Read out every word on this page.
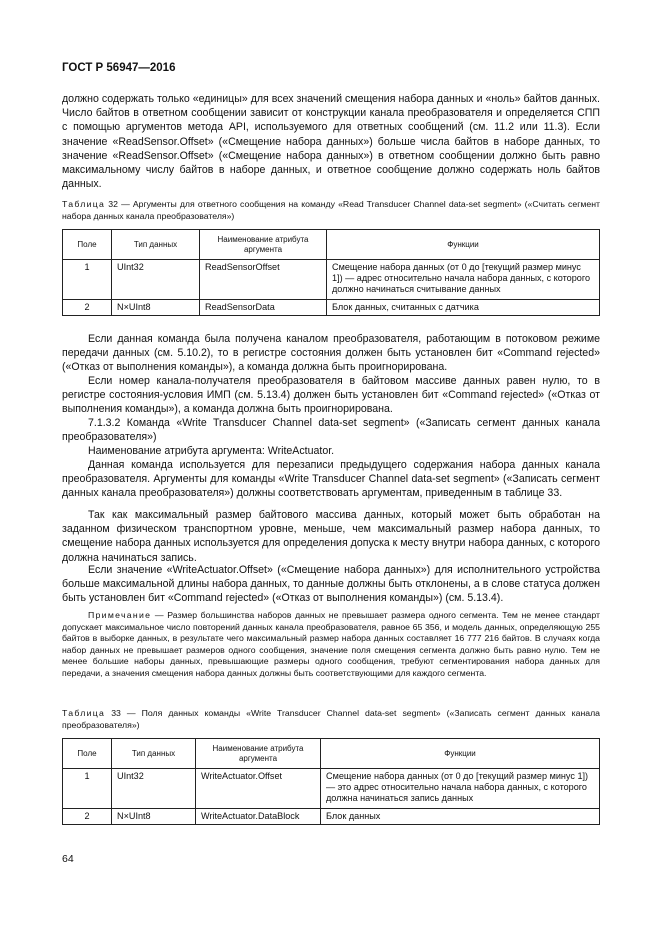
ГОСТ Р 56947—2016

должно содержать только «единицы» для всех значений смещения набора данных и «ноль» байтов данных. Число байтов в ответном сообщении зависит от конструкции канала преобразователя и определяется СПП с помощью аргументов метода API, используемого для ответных сообщений (см. 11.2 или 11.3). Если значение «ReadSensor.Offset» («Смещение набора данных») больше числа байтов в наборе данных, то значение «ReadSensor.Offset» («Смещение набора данных») в ответном сообщении должно быть равно максимальному числу байтов в наборе данных, и ответное сообщение должно содержать ноль байтов данных.

Таблица 32 — Аргументы для ответного сообщения на команду «Read Transducer Channel data-set segment» («Считать сегмент набора данных канала преобразователя»)

Поле	Тип данных	Наименование атрибута аргумента	Функции
1	UInt32	ReadSensorOffset	Смещение набора данных (от 0 до [текущий размер минус 1]) — адрес относительно начала набора данных, с которого должно начинаться считывание данных
2	N×UInt8	ReadSensorData	Блок данных, считанных с датчика

Если данная команда была получена каналом преобразователя, работающим в потоковом режиме передачи данных (см. 5.10.2), то в регистре состояния должен быть установлен бит «Command rejected» («Отказ от выполнения команды»), а команда должна быть проигнорирована.

Если номер канала-получателя преобразователя в байтовом массиве данных равен нулю, то в регистре состояния-условия ИМП (см. 5.13.4) должен быть установлен бит «Command rejected» («Отказ от выполнения команды»), а команда должна быть проигнорирована.

7.1.3.2 Команда «Write Transducer Channel data-set segment» («Записать сегмент данных канала преобразователя»)

Наименование атрибута аргумента: WriteActuator.

Данная команда используется для перезаписи предыдущего содержания набора данных канала преобразователя. Аргументы для команды «Write Transducer Channel data-set segment» («Записать сегмент данных канала преобразователя») должны соответствовать аргументам, приведенным в таблице 33.

Так как максимальный размер байтового массива данных, который может быть обработан на заданном физическом транспортном уровне, меньше, чем максимальный размер набора данных, то смещение набора данных используется для определения допуска к месту внутри набора данных, с которого должна начинаться запись.

Если значение «WriteActuator.Offset» («Смещение набора данных») для исполнительного устройства больше максимальной длины набора данных, то данные должны быть отклонены, а в слове статуса должен быть установлен бит «Command rejected» («Отказ от выполнения команды») (см. 5.13.4).

Примечание — Размер большинства наборов данных не превышает размера одного сегмента. Тем не менее стандарт допускает максимальное число повторений данных канала преобразователя, равное 65 356, и модель данных, определяющую 255 байтов в выборке данных, в результате чего максимальный размер набора данных составляет 16 777 216 байтов. В случаях когда набор данных не превышает размеров одного сообщения, значение поля смещения сегмента должно быть равно нулю. Тем не менее большие наборы данных, превышающие размеры одного сообщения, требуют сегментирования набора данных для передачи, а значения смещения набора данных должны быть соответствующими для каждого сегмента.

Таблица 33 — Поля данных команды «Write Transducer Channel data-set segment» («Записать сегмент данных канала преобразователя»)

Поле	Тип данных	Наименование атрибута аргумента	Функции
1	UInt32	WriteActuator.Offset	Смещение набора данных (от 0 до [текущий размер минус 1]) — это адрес относительно начала набора данных, с которого должна начинаться запись данных
2	N×UInt8	WriteActuator.DataBlock	Блок данных
64
